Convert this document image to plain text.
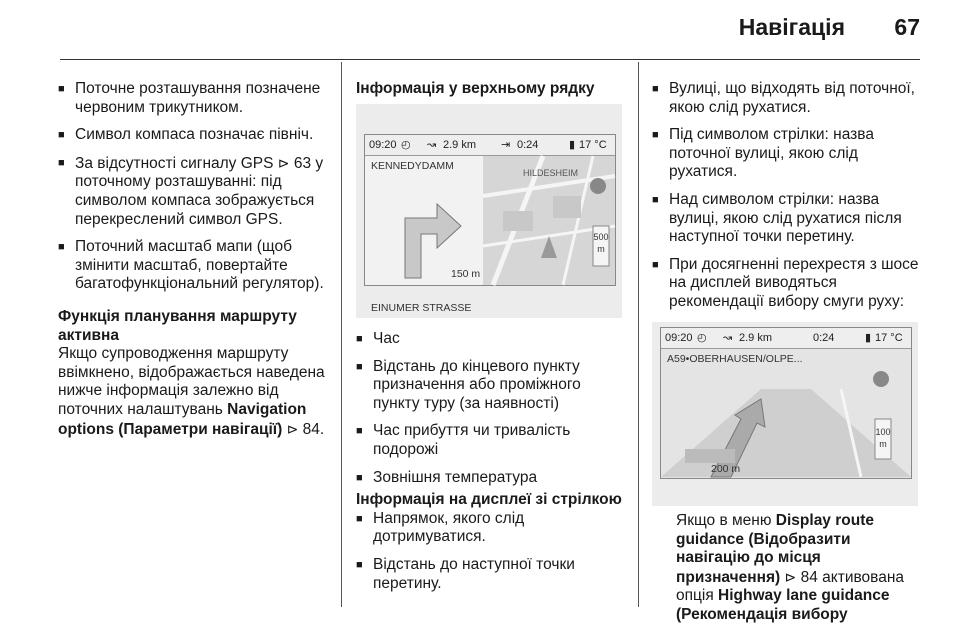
Навігація	67
■ Поточне розташування позначене червоним трикутником.
■ Символ компаса позначає північ.
■ За відсутності сигналу GPS ⊳ 63 у поточному розташуванні: під символом компаса зображується перекреслений символ GPS.
■ Поточний масштаб мапи (щоб змінити масштаб, повертайте багатофункціональний регулятор).

Функція планування маршруту активна

Якщо супроводження маршруту ввімкнено, відображається наведена нижче інформація залежно від поточних налаштувань Navigation options (Параметри навігації) ⊳ 84.

Інформація у верхньому рядку

09:20 ◴ ↝ 2.9 km ⇥ 0:24	▮ 17 °C
KENNEDYDAMM
150 m
EINUMER STRASSE
HILDESHEIM
500
m
■ Час
■ Відстань до кінцевого пункту призначення або проміжного пункту туру (за наявності)
■ Час прибуття чи тривалість подорожі
■ Зовнішня температура

Інформація на дисплеї зі стрілкою

■ Напрямок, якого слід дотримуватися.
■ Відстань до наступної точки перетину.
■ Вулиці, що відходять від поточної, якою слід рухатися.
■ Під символом стрілки: назва поточної вулиці, якою слід рухатися.
■ Над символом стрілки: назва вулиці, якою слід рухатися після наступної точки перетину.
■ При досягненні перехрестя з шосе на дисплей виводяться рекомендації вибору смуги руху:
09:20 ◴ ↝ 2.9 km	0:24	▮ 17 °C
A59•OBERHAUSEN/OLPE...
200 m
100
m

Якщо в меню Display route guidance (Відобразити навігацію до місця призначення) ⊳ 84 активована опція Highway lane guidance (Рекомендація вибору
